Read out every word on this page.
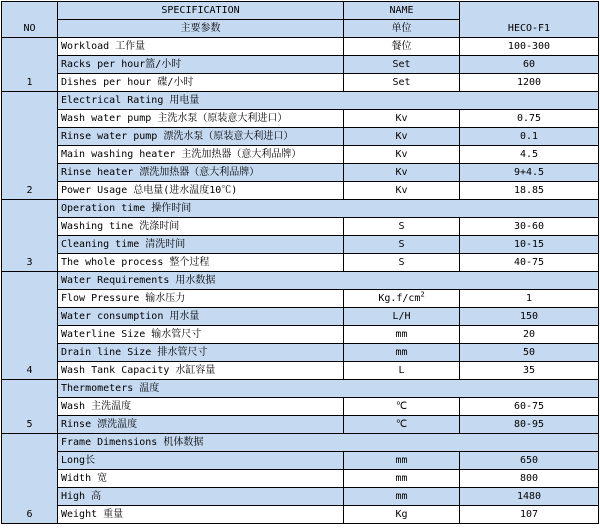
NO	SPECIFICATION	NAME	HECO-F1
	主要参数	单位	
1	Workload 工作量	餐位	100-300
	Racks per hour篮/小时	Set	60
	Dishes per hour 碟/小时	Set	1200
2	Electrical Rating 用电量		
	Wash water pump 主洗水泵（原装意大利进口）	Kv	0.75
	Rinse water pump 漂洗水泵（原装意大利进口）	Kv	0.1
	Main washing heater 主洗加热器（意大利品牌）	Kv	4.5
	Rinse heater 漂洗加热器（意大利品牌）	Kv	9+4.5
	Power Usage 总电量(进水温度10℃)	Kv	18.85
3	Operation time 操作时间		
	Washing tine 洗涤时间	S	30-60
	Cleaning time 清洗时间	S	10-15
	The whole process 整个过程	S	40-75
4	Water Requirements 用水数据		
	Flow Pressure 输水压力	$Kg.f/cm^2$	1
	Water consumption 用水量	L/H	150
	Waterline Size 输水管尺寸	mm	20
	Drain line Size 排水管尺寸	mm	50
	Wash Tank Capacity 水缸容量	L	35
5	Thermometers 温度		
	Wash 主洗温度	℃	60-75
	Rinse 漂洗温度	℃	80-95
6	Frame Dimensions 机体数据		
	Long长	mm	650
	Width 宽	mm	800
	High 高	mm	1480
	Weight 重量	Kg	107
